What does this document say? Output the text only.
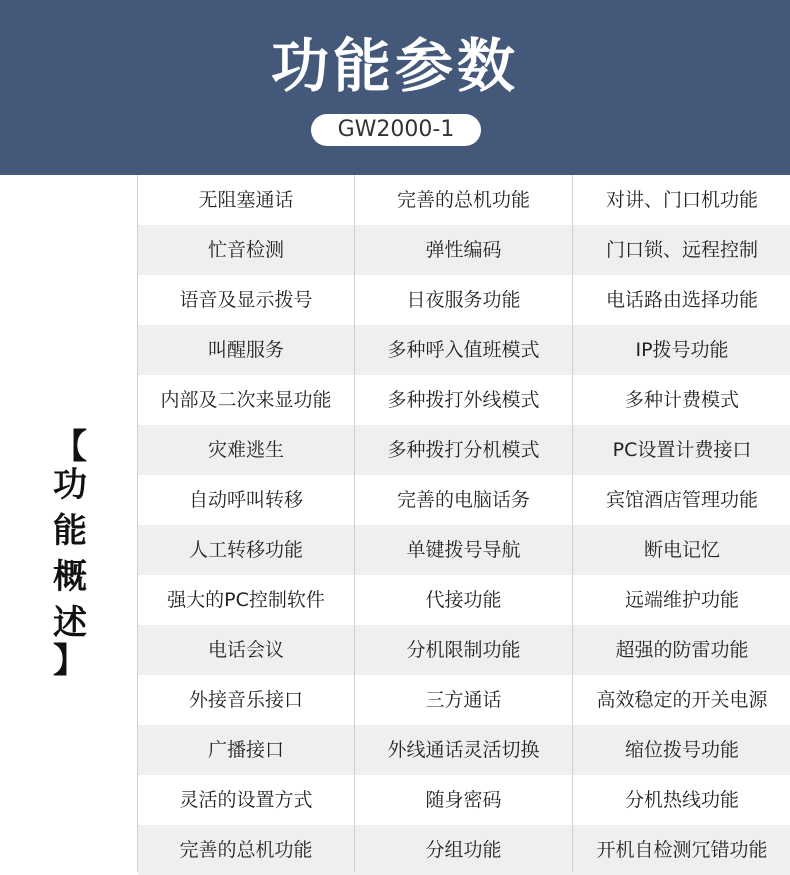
功能参数
GW2000-1
【
功
能
概
述
】
无阻塞通话	完善的总机功能	对讲、门口机功能
忙音检测	弹性编码	门口锁、远程控制
语音及显示拨号	日夜服务功能	电话路由选择功能
叫醒服务	多种呼入值班模式	IP拨号功能
内部及二次来显功能	多种拨打外线模式	多种计费模式
灾难逃生	多种拨打分机模式	PC设置计费接口
自动呼叫转移	完善的电脑话务	宾馆酒店管理功能
人工转移功能	单键拨号导航	断电记忆
强大的PC控制软件	代接功能	远端维护功能
电话会议	分机限制功能	超强的防雷功能
外接音乐接口	三方通话	高效稳定的开关电源
广播接口	外线通话灵活切换	缩位拨号功能
灵活的设置方式	随身密码	分机热线功能
完善的总机功能	分组功能	开机自检测冗错功能
